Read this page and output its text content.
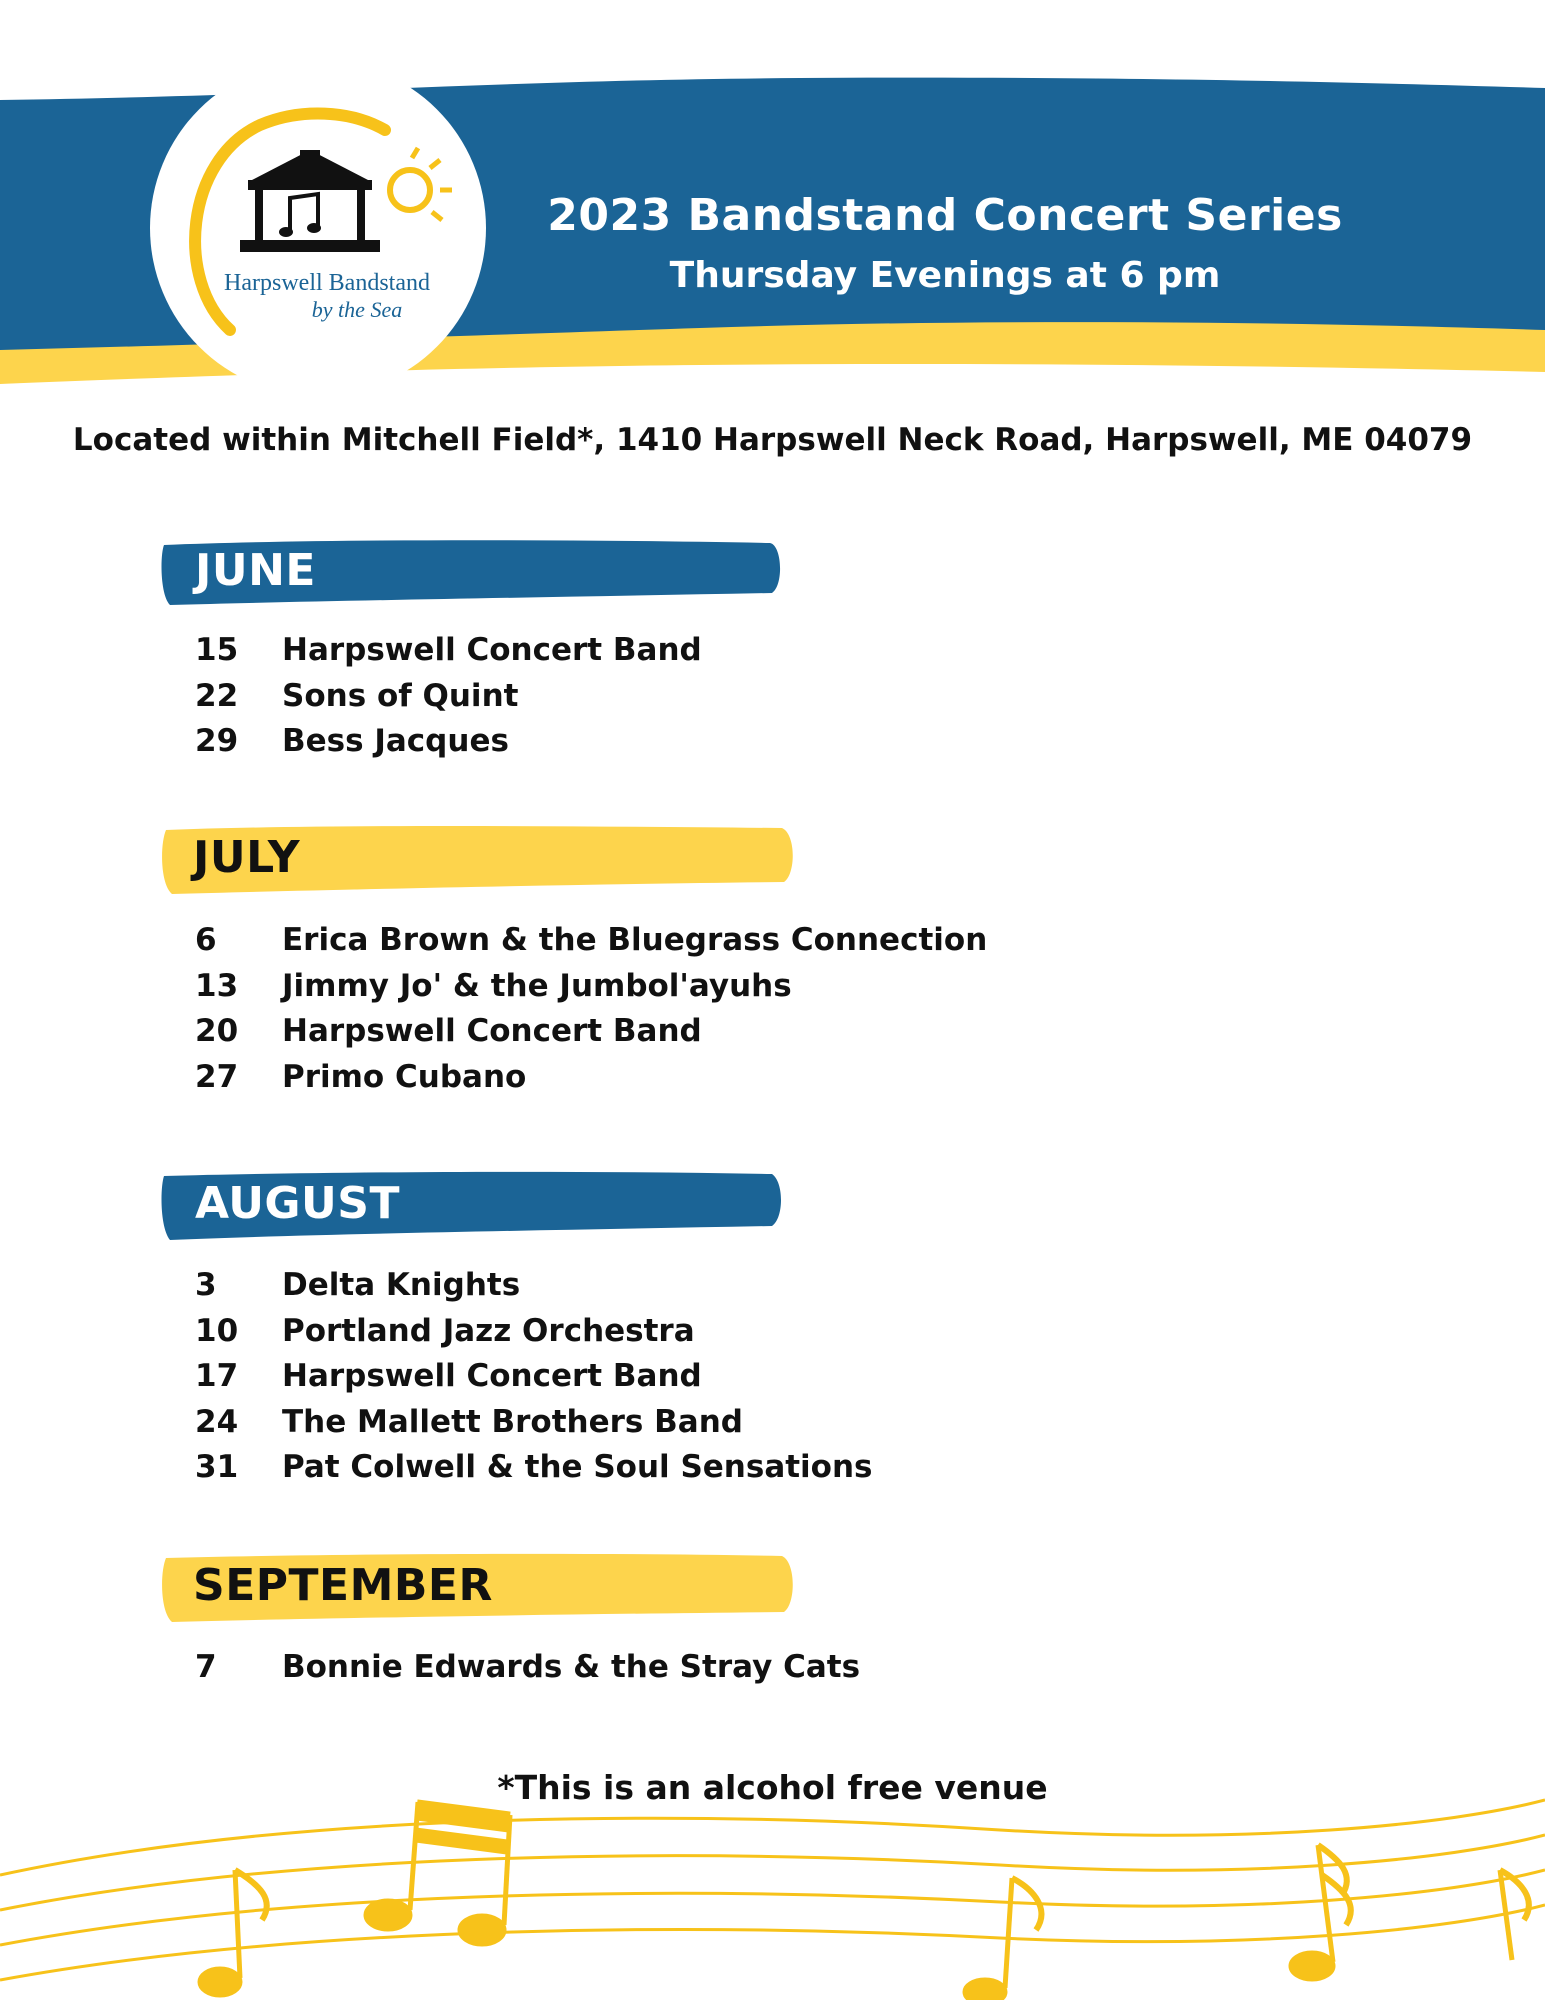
Harpswell Bandstand
by the Sea
2023 Bandstand Concert Series
Thursday Evenings at 6 pm
Located within Mitchell Field*, 1410 Harpswell Neck Road, Harpswell, ME 04079
JUNE
15 Harpswell Concert Band
22 Sons of Quint
29 Bess Jacques
JULY
6 Erica Brown & the Bluegrass Connection
13 Jimmy Jo' & the Jumbol'ayuhs
20 Harpswell Concert Band
27 Primo Cubano
AUGUST
3 Delta Knights
10 Portland Jazz Orchestra
17 Harpswell Concert Band
24 The Mallett Brothers Band
31 Pat Colwell & the Soul Sensations
SEPTEMBER
7 Bonnie Edwards & the Stray Cats
*This is an alcohol free venue
